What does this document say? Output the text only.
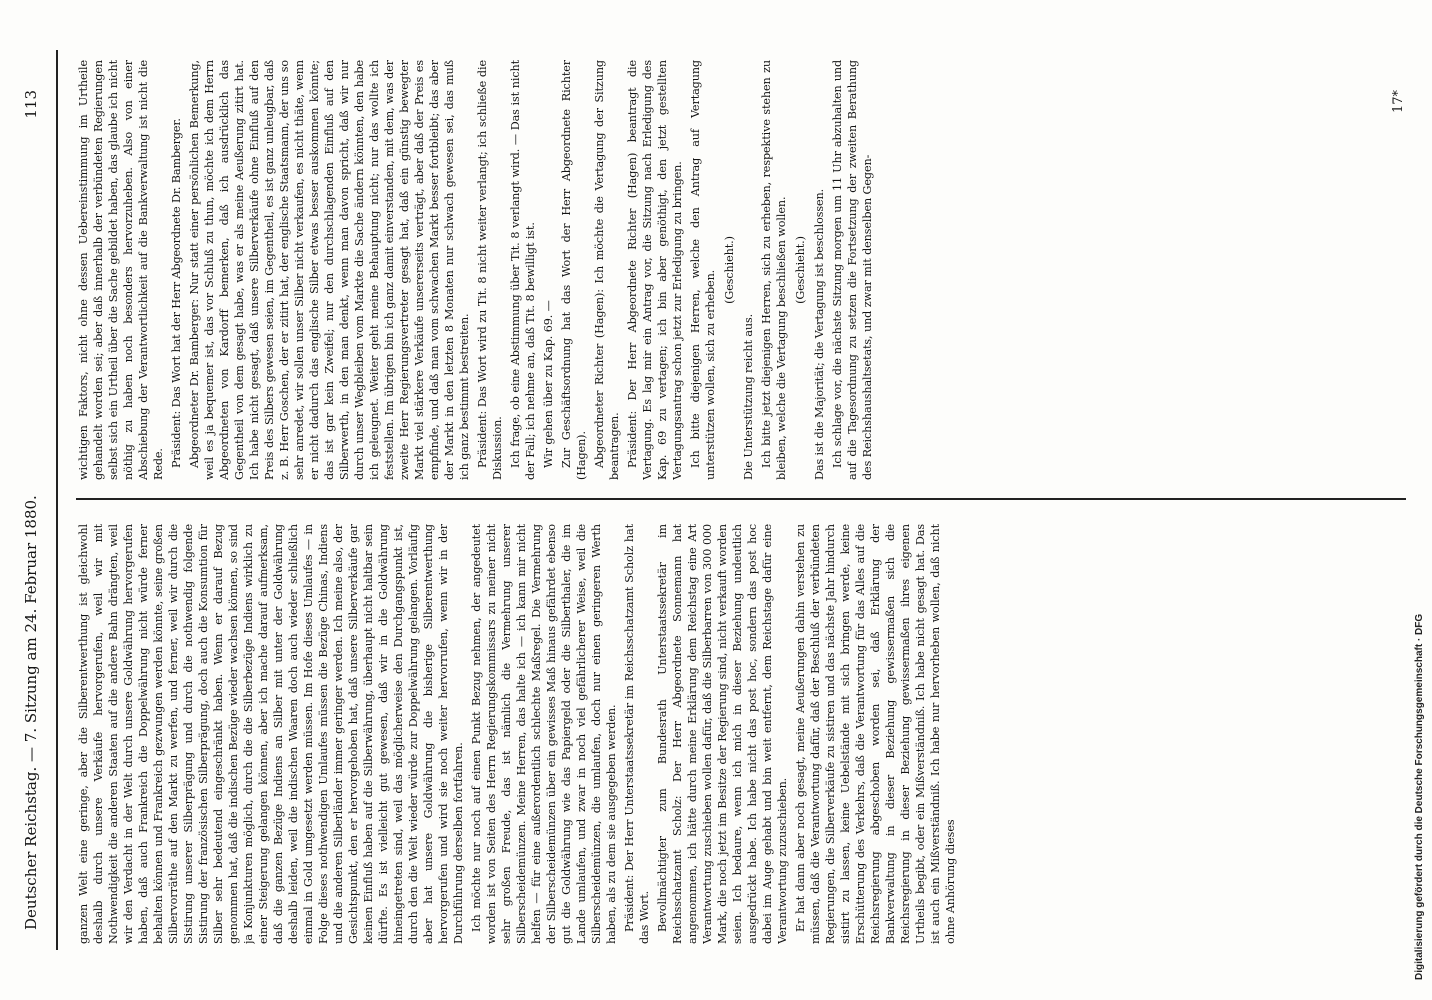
Deutscher Reichstag. — 7. Sitzung am 24. Februar 1880.
113

ganzen Welt eine geringe, aber die Silberentwerthung ist gleichwohl deshalb durch unsere Verkäufe hervorgerufen, weil wir mit Nothwendigkeit die anderen Staaten auf die andere Bahn drängten, weil wir den Verdacht in der Welt durch unsere Goldwährung hervorgerufen haben, daß auch Frankreich die Doppelwährung nicht würde ferner behalten können und Frankreich gezwungen werden könnte, seine großen Silbervorräthe auf den Markt zu werfen, und ferner, weil wir durch die Sistirung unserer Silberprägung und durch die nothwendig folgende Sistirung der französischen Silberprägung, doch auch die Konsumtion für Silber sehr bedeutend eingeschränkt haben. Wenn er darauf Bezug genommen hat, daß die indischen Bezüge wieder wachsen können, so sind ja Konjunkturen möglich, durch die die Silberbezüge Indiens wirklich zu einer Steigerung gelangen können, aber ich mache darauf aufmerksam, daß die ganzen Bezüge Indiens an Silber mit unter der Goldwährung deshalb leiden, weil die indischen Waaren doch auch wieder schließlich einmal in Gold umgesetzt werden müssen. Im Hofe dieses Umlaufes — in Folge dieses nothwendigen Umlaufes müssen die Bezüge Chinas, Indiens und die anderen Silberländer immer geringer werden. Ich meine also, der Gesichtspunkt, den er hervorgehoben hat, daß unsere Silberverkäufe gar keinen Einfluß haben auf die Silberwährung, überhaupt nicht haltbar sein dürfte. Es ist vielleicht gut gewesen, daß wir in die Goldwährung hineingetreten sind, weil das möglicherweise den Durchgangspunkt ist, durch den die Welt wieder würde zur Doppelwährung gelangen. Vorläufig aber hat unsere Goldwährung die bisherige Silberentwerthung hervorgerufen und wird sie noch weiter hervorrufen, wenn wir in der Durchführung derselben fortfahren. Ich möchte nur noch auf einen Punkt Bezug nehmen, der angedeutet worden ist von Seiten des Herrn Regierungskommissars zu meiner nicht sehr großen Freude, das ist nämlich die Vermehrung unserer Silberscheidemünzen. Meine Herren, das halte ich — ich kann mir nicht helfen — für eine außerordentlich schlechte Maßregel. Die Vermehrung der Silberscheidemünzen über ein gewisses Maß hinaus gefährdet ebenso gut die Goldwährung wie das Papiergeld oder die Silberthaler, die im Lande umlaufen, und zwar in noch viel gefährlicherer Weise, weil die Silberscheidemünzen, die umlaufen, doch nur einen geringeren Werth haben, als zu dem sie ausgegeben werden. Präsident: Der Herr Unterstaatssekretär im Reichsschatzamt Scholz hat das Wort. Bevollmächtigter zum Bundesrath Unterstaatssekretär im Reichsschatzamt Scholz: Der Herr Abgeordnete Sonnemann hat angenommen, ich hätte durch meine Erklärung dem Reichstag eine Art Verantwortung zuschieben wollen dafür, daß die Silberbarren von 300 000 Mark, die noch jetzt im Besitze der Regierung sind, nicht verkauft worden seien. Ich bedaure, wenn ich mich in dieser Beziehung undeutlich ausgedrückt habe. Ich habe nicht das post hoc, sondern das post hoc dabei im Auge gehabt und bin weit entfernt, dem Reichstage dafür eine Verantwortung zuzuschieben. Er hat dann aber noch gesagt, meine Aeußerungen dahin verstehen zu müssen, daß die Verantwortung dafür, daß der Beschluß der verbündeten Regierungen, die Silberverkäufe zu sistiren und das nächste Jahr hindurch sistirt zu lassen, keine Uebelstände mit sich bringen werde, keine Erschütterung des Verkehrs, daß die Verantwortung für das Alles auf die Reichsregierung abgeschoben worden sei, daß Erklärung der Bankverwaltung in dieser Beziehung gewissermaßen sich die Reichsregierung in dieser Beziehung gewissermaßen ihres eigenen Urtheils begibt, oder ein Mißverständniß. Ich habe nicht gesagt hat. Das ist auch ein Mißverständniß. Ich habe nur hervorheben wollen, daß nicht ohne Anhörung dieses

wichtigen Faktors, nicht ohne dessen Uebereinstimmung im Urtheile gehandelt worden sei; aber daß innerhalb der verbündeten Regierungen selbst sich ein Urtheil über die Sache gebildet haben, das glaube ich nicht nöthig zu haben noch besonders hervorzuheben. Also von einer Abschiebung der Verantwortlichkeit auf die Bankverwaltung ist nicht die Rede. Präsident: Das Wort hat der Herr Abgeordnete Dr. Bamberger. Abgeordneter Dr. Bamberger: Nur statt einer persönlichen Bemerkung, weil es ja bequemer ist, das vor Schluß zu thun, möchte ich dem Herrn Abgeordneten von Kardorff bemerken, daß ich ausdrücklich das Gegentheil von dem gesagt habe, was er als meine Aeußerung zitirt hat. Ich habe nicht gesagt, daß unsere Silberverkäufe ohne Einfluß auf den Preis des Silbers gewesen seien, im Gegentheil, es ist ganz unleugbar, daß z. B. Herr Goschen, der er zitirt hat, der englische Staatsmann, der uns so sehr anredet, wir sollen unser Silber nicht verkaufen, es nicht thäte, wenn er nicht dadurch das englische Silber etwas besser auskommen könnte; das ist gar kein Zweifel; nur den durchschlagenden Einfluß auf den Silberwerth, in den man denkt, wenn man davon spricht, daß wir nur durch unser Wegbleiben vom Markte die Sache ändern könnten, den habe ich geleugnet. Weiter geht meine Behauptung nicht; nur das wollte ich feststellen. Im übrigen bin ich ganz damit einverstanden, mit dem, was der zweite Herr Regierungsvertreter gesagt hat, daß ein günstig bewegter Markt viel stärkere Verkäufe unsererseits verträgt, aber daß der Preis es empfinde, und daß man vom schwachen Markt besser fortbleibt; das aber der Markt in den letzten 8 Monaten nur schwach gewesen sei, das muß ich ganz bestimmt bestreiten. Präsident: Das Wort wird zu Tit. 8 nicht weiter verlangt; ich schließe die Diskussion. Ich frage, ob eine Abstimmung über Tit. 8 verlangt wird. — Das ist nicht der Fall; ich nehme an, daß Tit. 8 bewilligt ist. Wir gehen über zu Kap. 69. — Zur Geschäftsordnung hat das Wort der Herr Abgeordnete Richter (Hagen). Abgeordneter Richter (Hagen): Ich möchte die Vertagung der Sitzung beantragen. Präsident: Der Herr Abgeordnete Richter (Hagen) beantragt die Vertagung. Es lag mir ein Antrag vor, die Sitzung nach Erledigung des Kap. 69 zu vertagen; ich bin aber genöthigt, den jetzt gestellten Vertagungsantrag schon jetzt zur Erledigung zu bringen. Ich bitte diejenigen Herren, welche den Antrag auf Vertagung unterstützen wollen, sich zu erheben. (Geschieht.)

Die Unterstützung reicht aus. Ich bitte jetzt diejenigen Herren, sich zu erheben, respektive stehen zu bleiben, welche die Vertagung beschließen wollen. (Geschieht.) Das ist die Majorität; die Vertagung ist beschlossen. Ich schlage vor, die nächste Sitzung morgen um 11 Uhr abzuhalten und auf die Tagesordnung zu setzen die Fortsetzung der zweiten Berathung des Reichshaushaltsetats, und zwar mit denselben Gegen-

17*
Digitalisierung gefördert durch die Deutsche Forschungsgemeinschaft · DFG
